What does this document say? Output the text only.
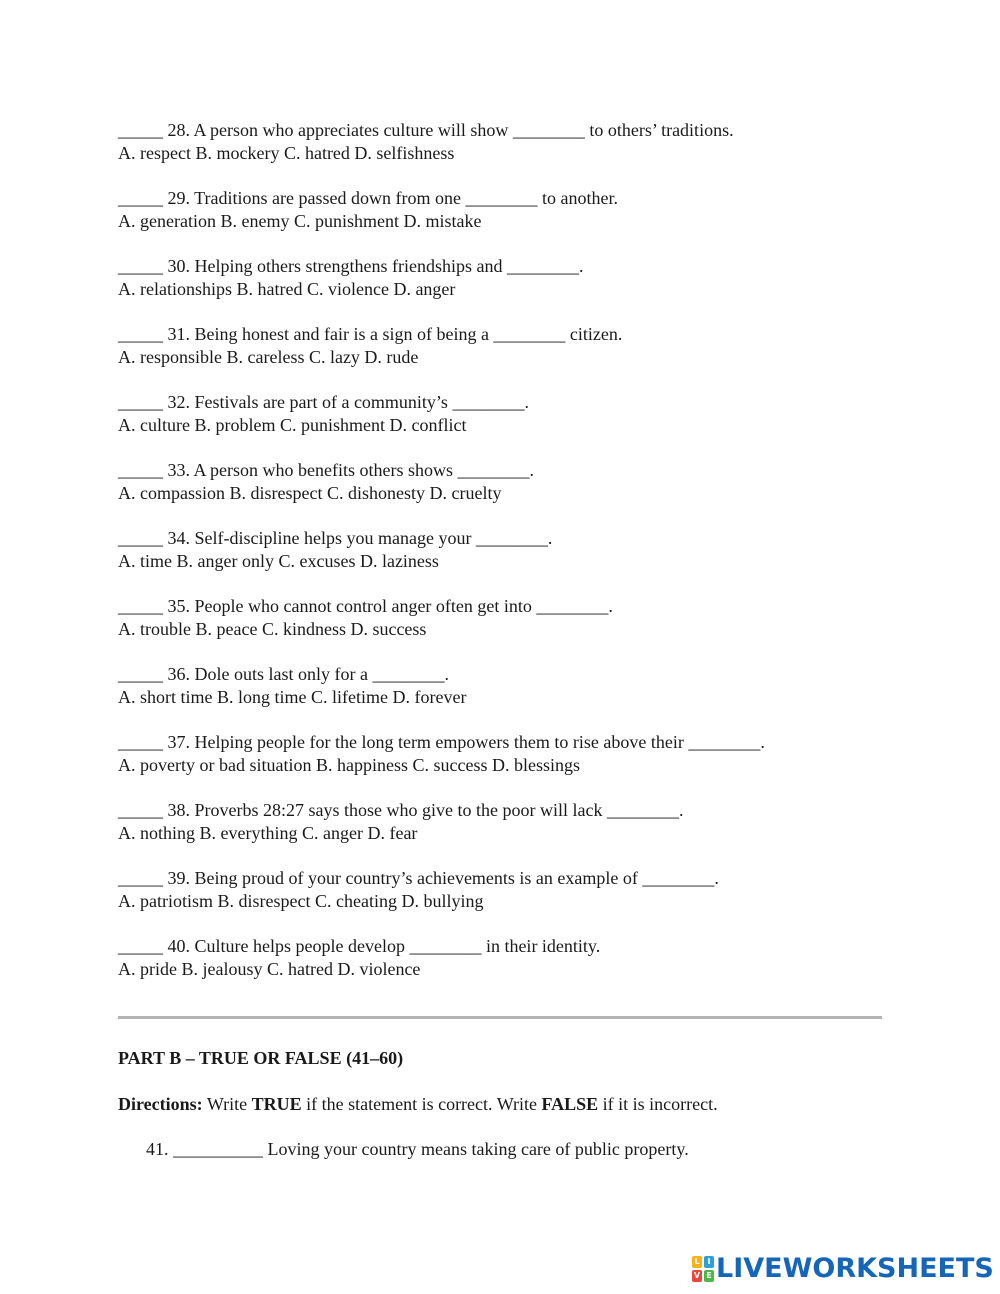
_____ 28. A person who appreciates culture will show ________ to others’ traditions.
A. respect B. mockery C. hatred D. selfishness
_____ 29. Traditions are passed down from one ________ to another.
A. generation B. enemy C. punishment D. mistake
_____ 30. Helping others strengthens friendships and ________.
A. relationships B. hatred C. violence D. anger
_____ 31. Being honest and fair is a sign of being a ________ citizen.
A. responsible B. careless C. lazy D. rude
_____ 32. Festivals are part of a community’s ________.
A. culture B. problem C. punishment D. conflict
_____ 33. A person who benefits others shows ________.
A. compassion B. disrespect C. dishonesty D. cruelty
_____ 34. Self-discipline helps you manage your ________.
A. time B. anger only C. excuses D. laziness
_____ 35. People who cannot control anger often get into ________.
A. trouble B. peace C. kindness D. success
_____ 36. Dole outs last only for a ________.
A. short time B. long time C. lifetime D. forever
_____ 37. Helping people for the long term empowers them to rise above their ________.
A. poverty or bad situation B. happiness C. success D. blessings
_____ 38. Proverbs 28:27 says those who give to the poor will lack ________.
A. nothing B. everything C. anger D. fear
_____ 39. Being proud of your country’s achievements is an example of ________.
A. patriotism B. disrespect C. cheating D. bullying
_____ 40. Culture helps people develop ________ in their identity.
A. pride B. jealousy C. hatred D. violence
PART B – TRUE OR FALSE (41–60)
Directions: Write TRUE if the statement is correct. Write FALSE if it is incorrect.
41. __________ Loving your country means taking care of public property.
L I
V E LIVEWORKSHEETS
